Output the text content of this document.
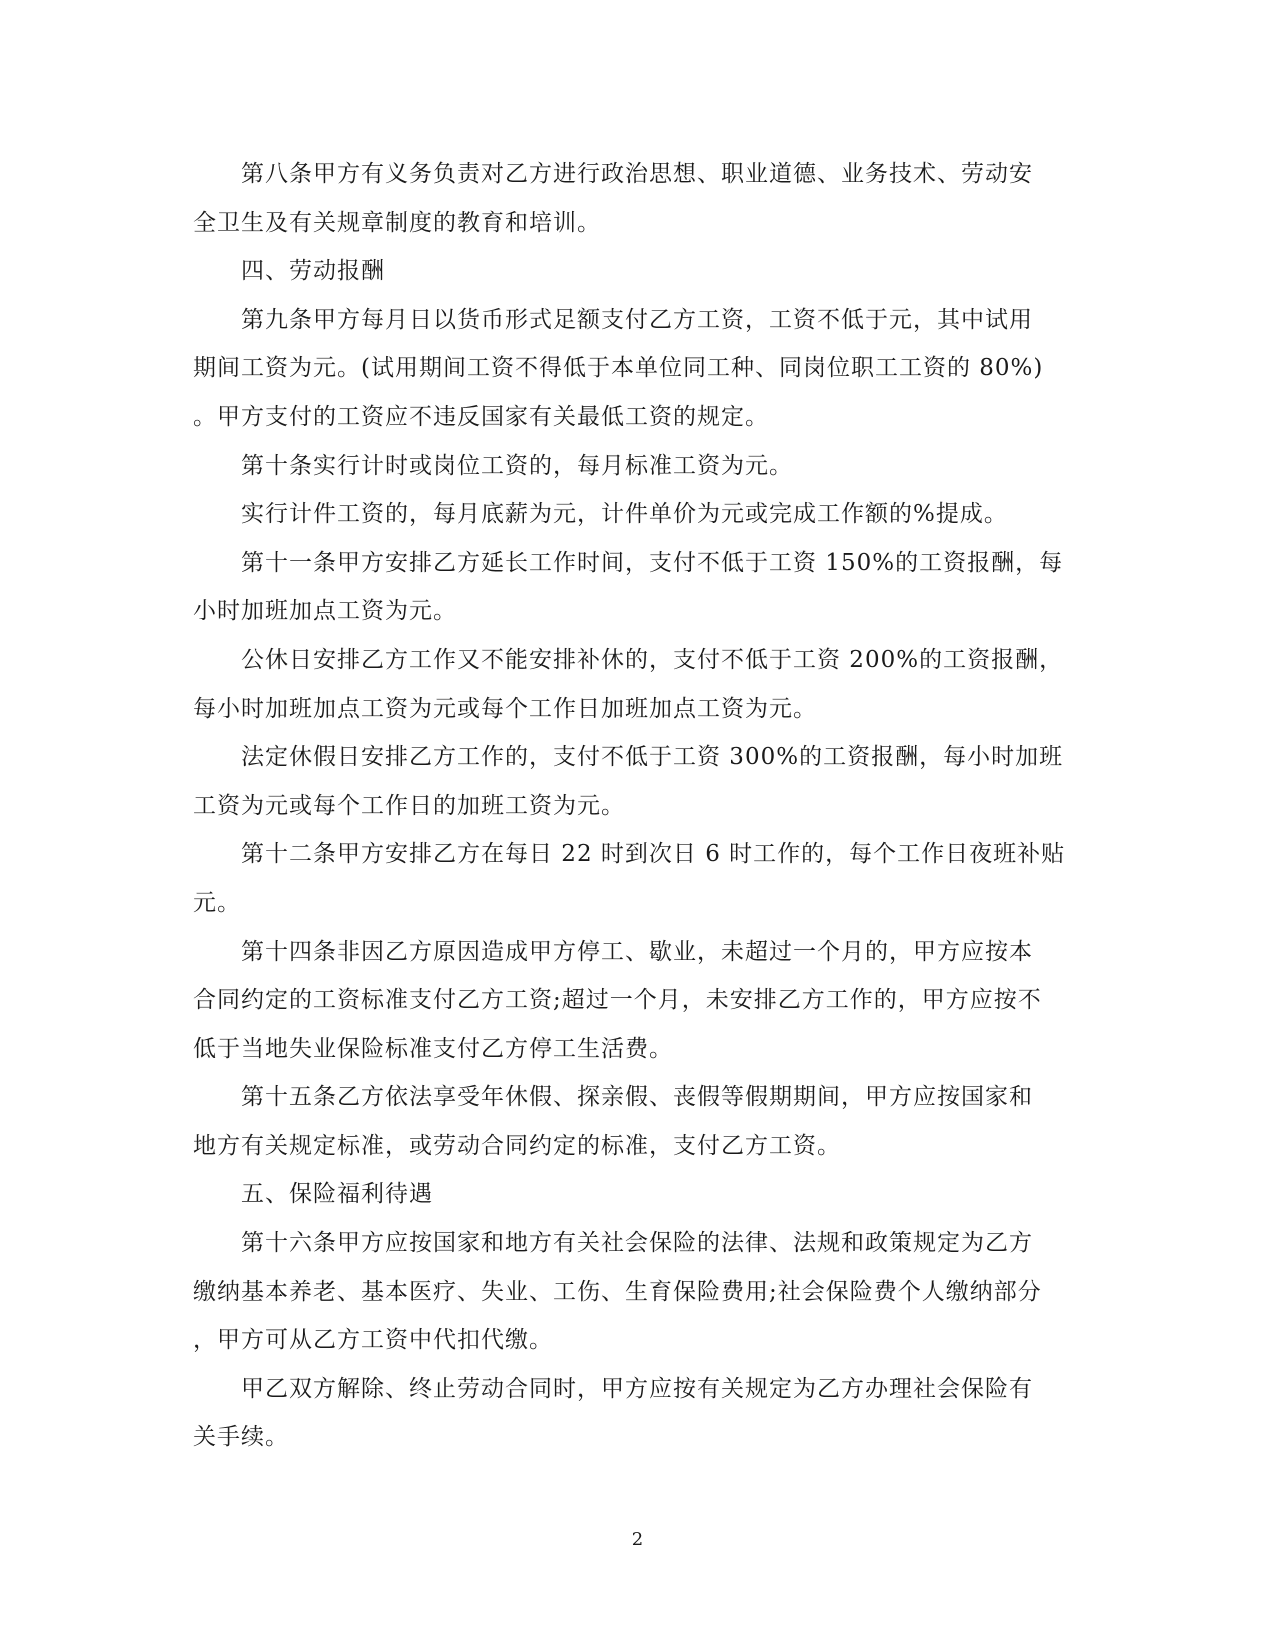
第八条甲方有义务负责对乙方进行政治思想、职业道德、业务技术、劳动安
全卫生及有关规章制度的教育和培训。
四、劳动报酬
第九条甲方每月日以货币形式足额支付乙方工资，工资不低于元，其中试用
期间工资为元。(试用期间工资不得低于本单位同工种、同岗位职工工资的 80%)
。甲方支付的工资应不违反国家有关最低工资的规定。
第十条实行计时或岗位工资的，每月标准工资为元。
实行计件工资的，每月底薪为元，计件单价为元或完成工作额的%提成。
第十一条甲方安排乙方延长工作时间，支付不低于工资 150%的工资报酬，每
小时加班加点工资为元。
公休日安排乙方工作又不能安排补休的，支付不低于工资 200%的工资报酬，
每小时加班加点工资为元或每个工作日加班加点工资为元。
法定休假日安排乙方工作的，支付不低于工资 300%的工资报酬，每小时加班
工资为元或每个工作日的加班工资为元。
第十二条甲方安排乙方在每日 22 时到次日 6 时工作的，每个工作日夜班补贴
元。
第十四条非因乙方原因造成甲方停工、歇业，未超过一个月的，甲方应按本
合同约定的工资标准支付乙方工资;超过一个月，未安排乙方工作的，甲方应按不
低于当地失业保险标准支付乙方停工生活费。
第十五条乙方依法享受年休假、探亲假、丧假等假期期间，甲方应按国家和
地方有关规定标准，或劳动合同约定的标准，支付乙方工资。
五、保险福利待遇
第十六条甲方应按国家和地方有关社会保险的法律、法规和政策规定为乙方
缴纳基本养老、基本医疗、失业、工伤、生育保险费用;社会保险费个人缴纳部分
，甲方可从乙方工资中代扣代缴。
甲乙双方解除、终止劳动合同时，甲方应按有关规定为乙方办理社会保险有
关手续。
2
